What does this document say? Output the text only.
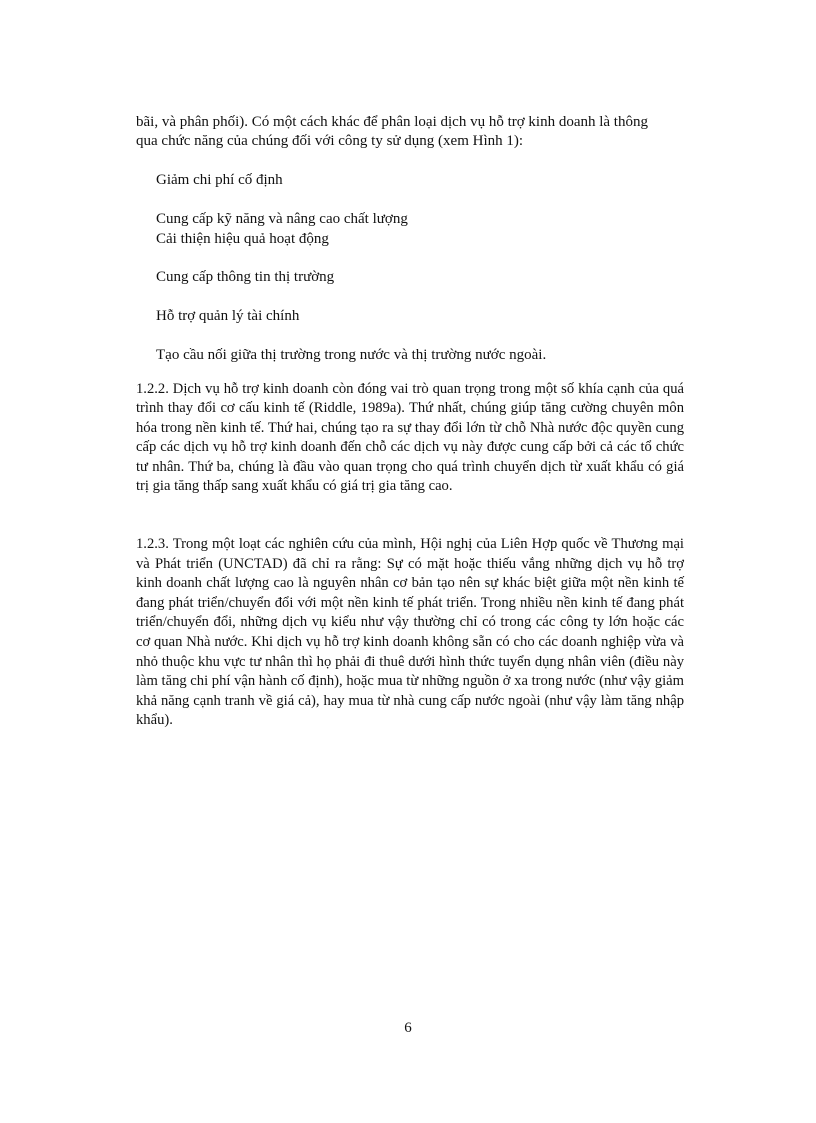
bãi, và phân phối). Có một cách khác để phân loại dịch vụ hỗ trợ kinh doanh là thông
qua chức năng của chúng đối với công ty sử dụng (xem Hình 1):
Giảm chi phí cố định
Cung cấp kỹ năng và nâng cao chất lượng
Cải thiện hiệu quả hoạt động
Cung cấp thông tin thị trường
Hỗ trợ quản lý tài chính
Tạo cầu nối giữa thị trường trong nước và thị trường nước ngoài.
1.2.2. Dịch vụ hỗ trợ kinh doanh còn đóng vai trò quan trọng trong một số khía cạnh của quá trình thay đổi cơ cấu kinh tế (Riddle, 1989a). Thứ nhất, chúng giúp tăng cường chuyên môn hóa trong nền kinh tế. Thứ hai, chúng tạo ra sự thay đổi lớn từ chỗ Nhà nước độc quyền cung cấp các dịch vụ hỗ trợ kinh doanh đến chỗ các dịch vụ này được cung cấp bởi cả các tổ chức tư nhân. Thứ ba, chúng là đầu vào quan trọng cho quá trình chuyển dịch từ xuất khẩu có giá trị gia tăng thấp sang xuất khẩu có giá trị gia tăng cao.
1.2.3. Trong một loạt các nghiên cứu của mình, Hội nghị của Liên Hợp quốc về Thương mại và Phát triển (UNCTAD) đã chỉ ra rằng: Sự có mặt hoặc thiếu vắng những dịch vụ hỗ trợ kinh doanh chất lượng cao là nguyên nhân cơ bản tạo nên sự khác biệt giữa một nền kinh tế đang phát triển/chuyển đổi với một nền kinh tế phát triển. Trong nhiều nền kinh tế đang phát triển/chuyển đổi, những dịch vụ kiểu như vậy thường chỉ có trong các công ty lớn hoặc các cơ quan Nhà nước. Khi dịch vụ hỗ trợ kinh doanh không sẵn có cho các doanh nghiệp vừa và nhỏ thuộc khu vực tư nhân thì họ phải đi thuê dưới hình thức tuyển dụng nhân viên (điều này làm tăng chi phí vận hành cố định), hoặc mua từ những nguồn ở xa trong nước (như vậy giảm khả năng cạnh tranh về giá cả), hay mua từ nhà cung cấp nước ngoài (như vậy làm tăng nhập khẩu).
6
